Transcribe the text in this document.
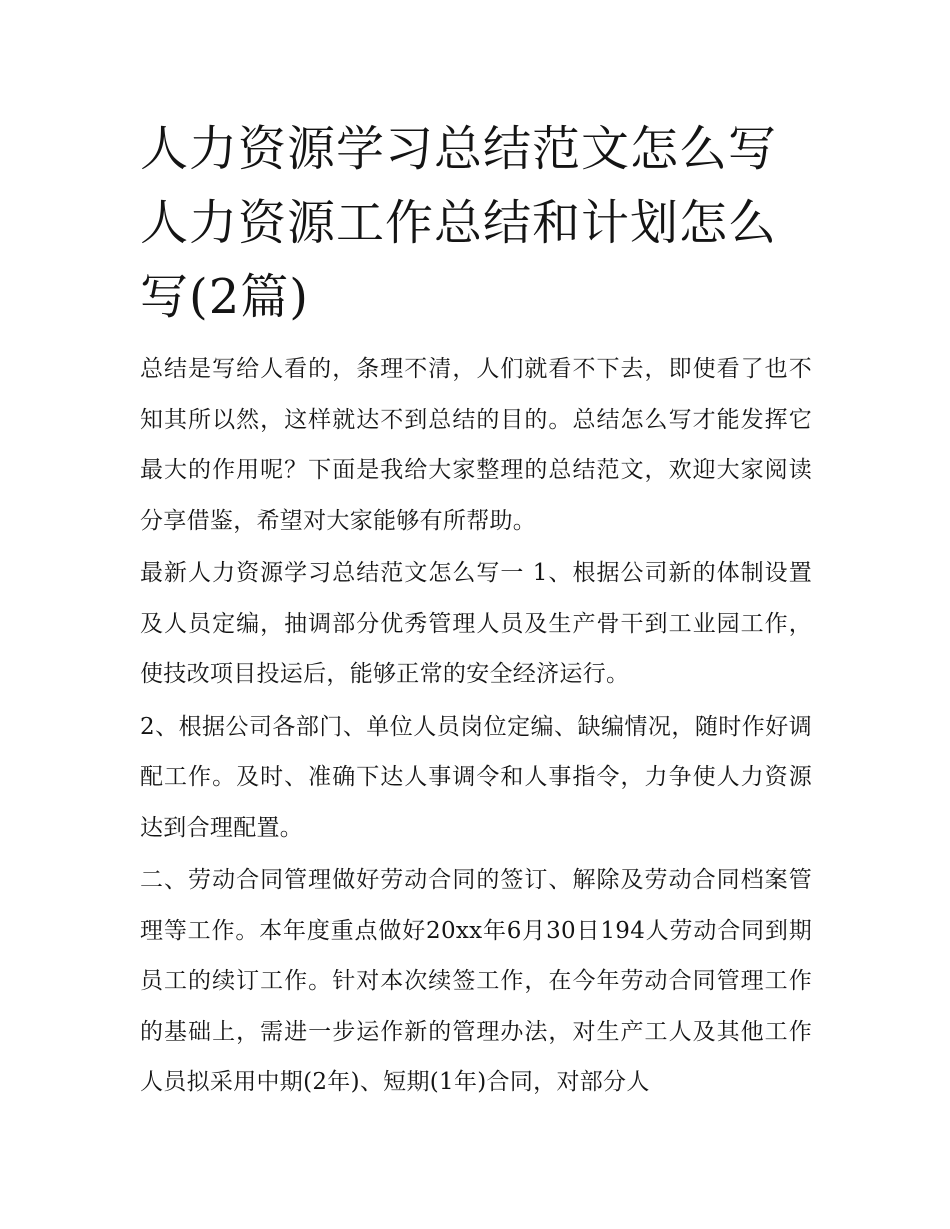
人力资源学习总结范文怎么写人力资源工作总结和计划怎么写(2篇)

总结是写给人看的，条理不清，人们就看不下去，即使看了也不知其所以然，这样就达不到总结的目的。总结怎么写才能发挥它最大的作用呢？下面是我给大家整理的总结范文，欢迎大家阅读分享借鉴，希望对大家能够有所帮助。

最新人力资源学习总结范文怎么写一 1、根据公司新的体制设置及人员定编，抽调部分优秀管理人员及生产骨干到工业园工作，使技改项目投运后，能够正常的安全经济运行。

2、根据公司各部门、单位人员岗位定编、缺编情况，随时作好调配工作。及时、准确下达人事调令和人事指令，力争使人力资源达到合理配置。

二、劳动合同管理做好劳动合同的签订、解除及劳动合同档案管理等工作。本年度重点做好20xx年6月30日194人劳动合同到期员工的续订工作。针对本次续签工作，在今年劳动合同管理工作的基础上，需进一步运作新的管理办法，对生产工人及其他工作人员拟采用中期(2年)、短期(1年)合同，对部分人
